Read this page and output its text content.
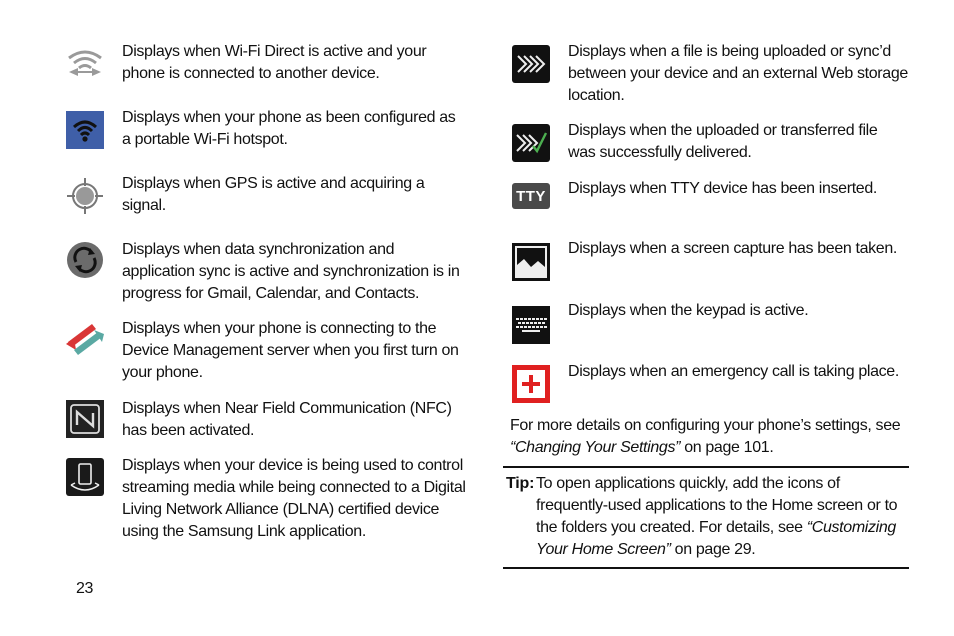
Displays when Wi-Fi Direct is active and your phone is connected to another device.
Displays when your phone as been configured as a portable Wi-Fi hotspot.
Displays when GPS is active and acquiring a signal.
Displays when data synchronization and application sync is active and synchronization is in progress for Gmail, Calendar, and Contacts.
Displays when your phone is connecting to the Device Management server when you first turn on your phone.
Displays when Near Field Communication (NFC) has been activated.
Displays when your device is being used to control streaming media while being connected to a Digital Living Network Alliance (DLNA) certified device using the Samsung Link application.
TTY
Displays when a file is being uploaded or sync’d between your device and an external Web storage location.
Displays when the uploaded or transferred file was successfully delivered.
Displays when TTY device has been inserted.
Displays when a screen capture has been taken.
Displays when the keypad is active.
Displays when an emergency call is taking place.
For more details on configuring your phone’s settings, see
“Changing Your Settings” on page 101.
Tip: To open applications quickly, add the icons of frequently-used applications to the Home screen or to the folders you created. For details, see “Customizing Your Home Screen” on page 29.
23
